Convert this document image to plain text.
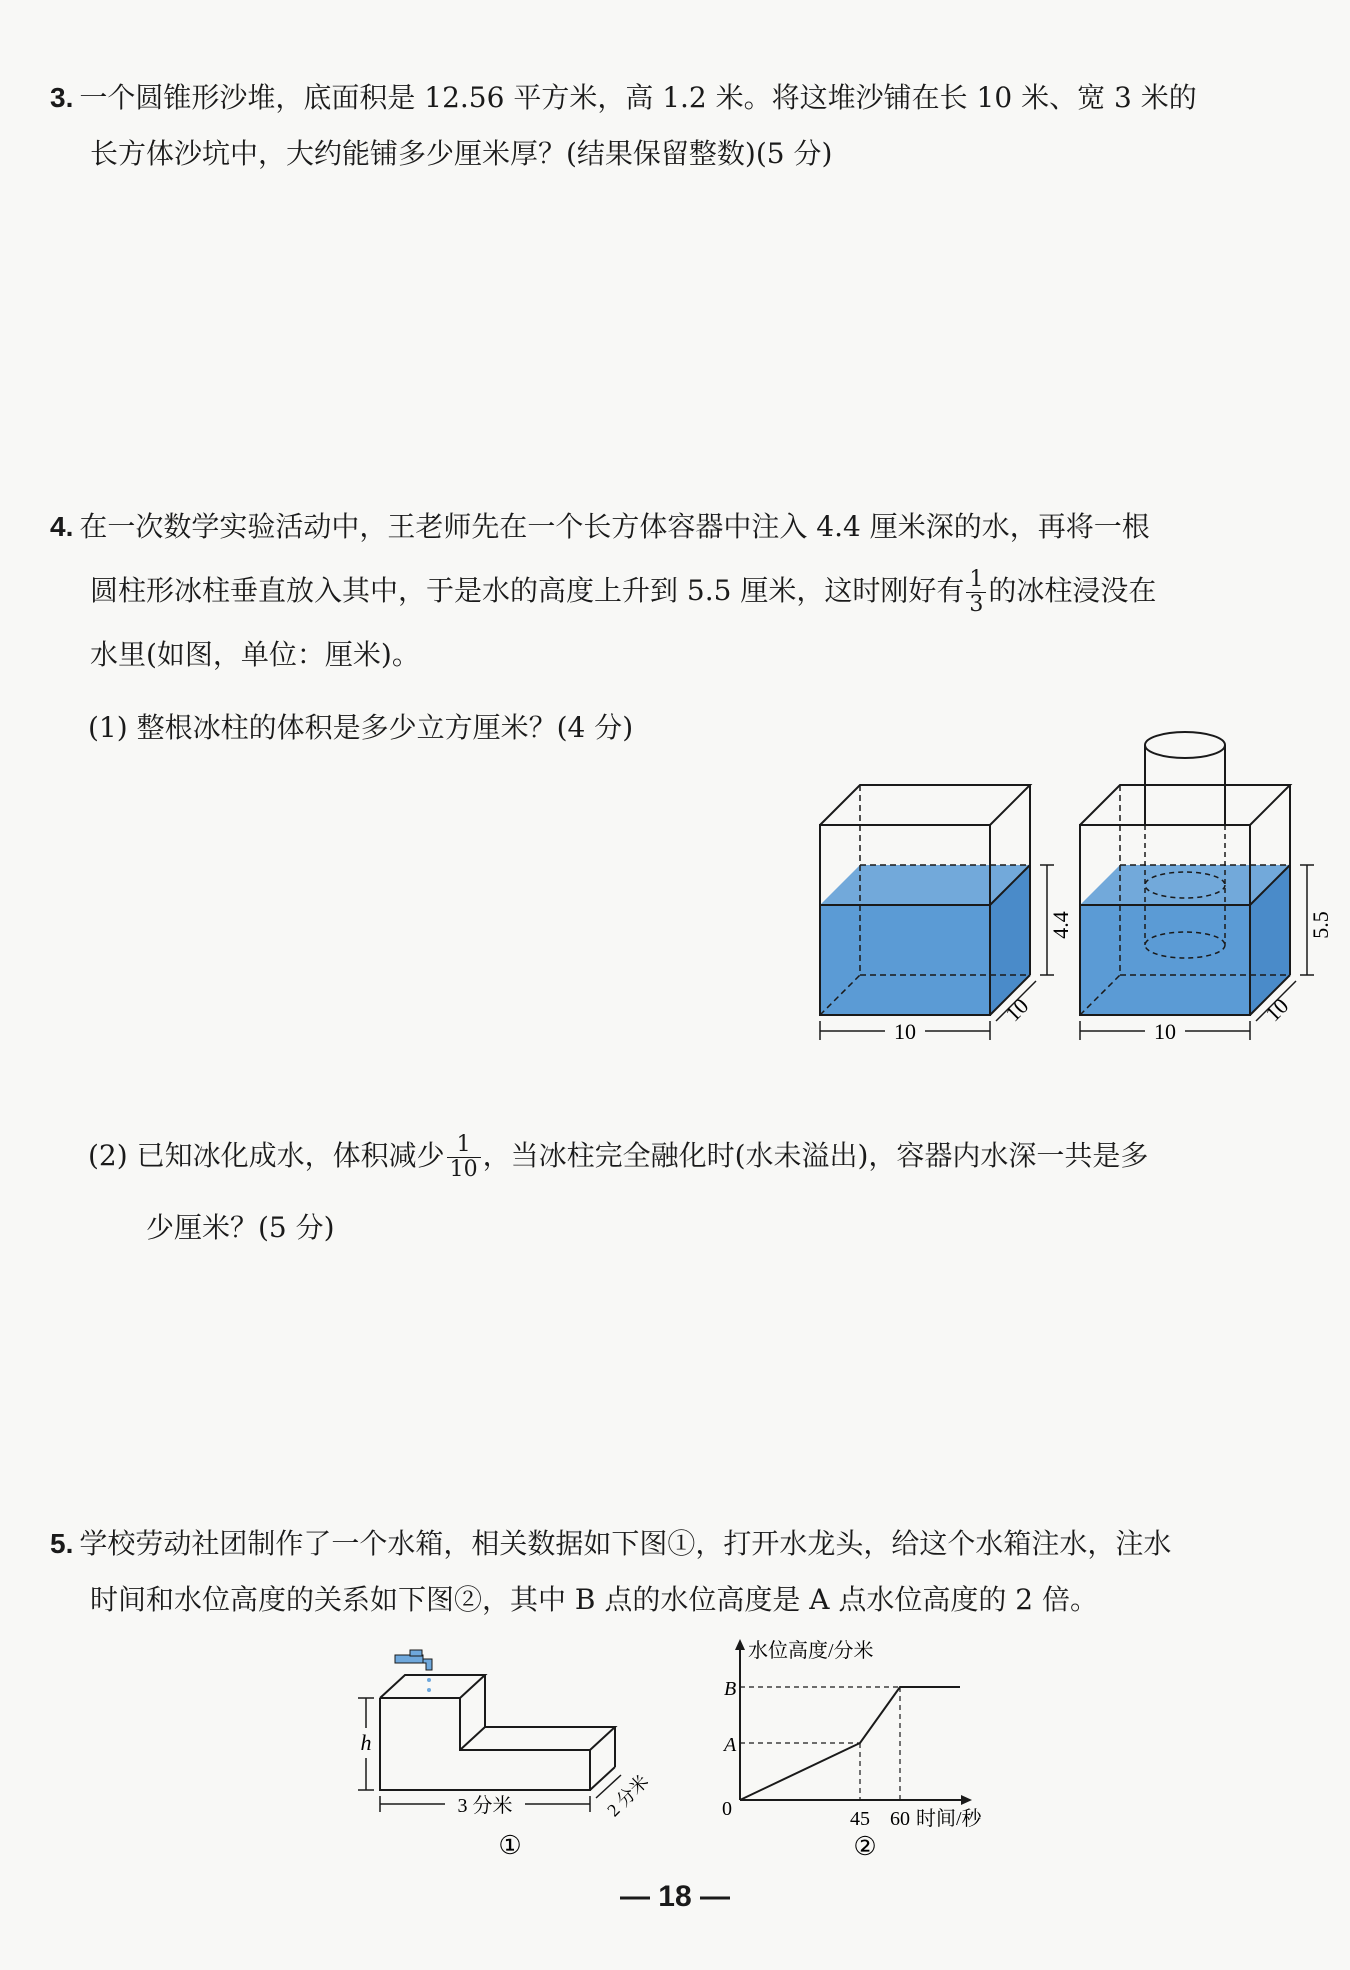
3. 一个圆锥形沙堆，底面积是 12.56 平方米，高 1.2 米。将这堆沙铺在长 10 米、宽 3 米的
长方体沙坑中，大约能铺多少厘米厚？(结果保留整数)(5 分)
4. 在一次数学实验活动中，王老师先在一个长方体容器中注入 4.4 厘米深的水，再将一根
圆柱形冰柱垂直放入其中，于是水的高度上升到 5.5 厘米，这时刚好有 $\frac{1}{3}$ 的冰柱浸没在
水里(如图，单位：厘米)。
(1) 整根冰柱的体积是多少立方厘米？(4 分)
4.4
10
10
5.5
10
10
(2) 已知冰化成水，体积减少 $\frac{1}{10}$ ，当冰柱完全融化时(水未溢出)，容器内水深一共是多
少厘米？(5 分)
5. 学校劳动社团制作了一个水箱，相关数据如下图①，打开水龙头，给这个水箱注水，注水
时间和水位高度的关系如下图②，其中 B 点的水位高度是 A 点水位高度的 2 倍。
h
3 分米	2 分米
①
水位高度/分米
B
A
0	45 60 时间/秒
②
— 18 —
